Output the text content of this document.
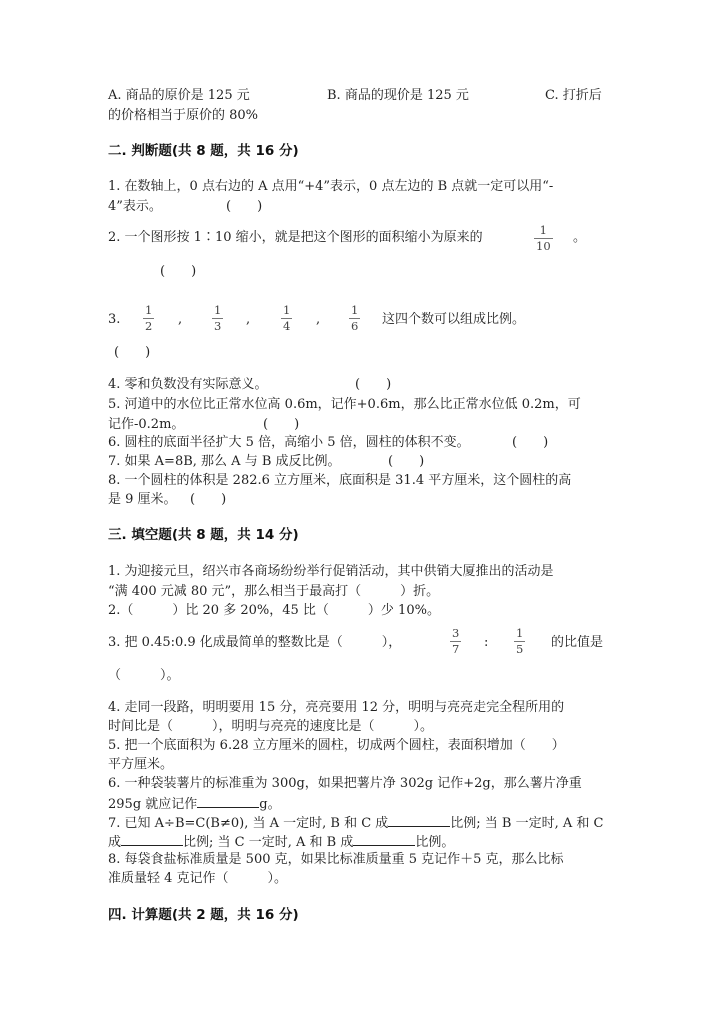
A. 商品的原价是 125 元	B. 商品的现价是 125 元	C. 打折后
的价格相当于原价的 80%
二. 判断题(共 8 题，共 16 分)
1. 在数轴上，0 点右边的 A 点用“+4”表示，0 点左边的 B 点就一定可以用“-
4”表示。	(　　)
2. 一个图形按 1∶10 缩小，就是把这个图形的面积缩小为原来的	1
10
。
(　　)
3.
1
2 ,
1
3 ,
1
4 ,
1
6 这四个数可以组成比例。
(　　)
4. 零和负数没有实际意义。	(　　)
5. 河道中的水位比正常水位高 0.6m，记作+0.6m，那么比正常水位低 0.2m，可
记作-0.2m。	(　　)
6. 圆柱的底面半径扩大 5 倍，高缩小 5 倍，圆柱的体积不变。	(　　)
7. 如果 A=8B, 那么 A 与 B 成反比例。	(　　)
8. 一个圆柱的体积是 282.6 立方厘米，底面积是 31.4 平方厘米，这个圆柱的高
是 9 厘米。 (　　)
三. 填空题(共 8 题，共 14 分)
1. 为迎接元旦，绍兴市各商场纷纷举行促销活动，其中供销大厦推出的活动是
“满 400 元减 80 元”，那么相当于最高打（　　　）折。
2.（　　　）比 20 多 20%，45 比（　　　）少 10%。
3. 把 0.45:0.9 化成最简单的整数比是（　　　），
3
7 :
1
5 的比值是
（　　　）。
4. 走同一段路，明明要用 15 分，亮亮要用 12 分，明明与亮亮走完全程所用的
时间比是（　　　），明明与亮亮的速度比是（　　　）。
5. 把一个底面积为 6.28 立方厘米的圆柱，切成两个圆柱，表面积增加（　　）
平方厘米。
6. 一种袋装薯片的标准重为 300g，如果把薯片净 302g 记作+2g，那么薯片净重
295g 就应记作	g。
7. 已知 A÷B=C(B≠0), 当 A 一定时, B 和 C 成	比例; 当 B 一定时, A 和 C
成	比例; 当 C 一定时, A 和 B 成	比例。
8. 每袋食盐标准质量是 500 克，如果比标准质量重 5 克记作＋5 克，那么比标
准质量轻 4 克记作（　　　）。
四. 计算题(共 2 题，共 16 分)
